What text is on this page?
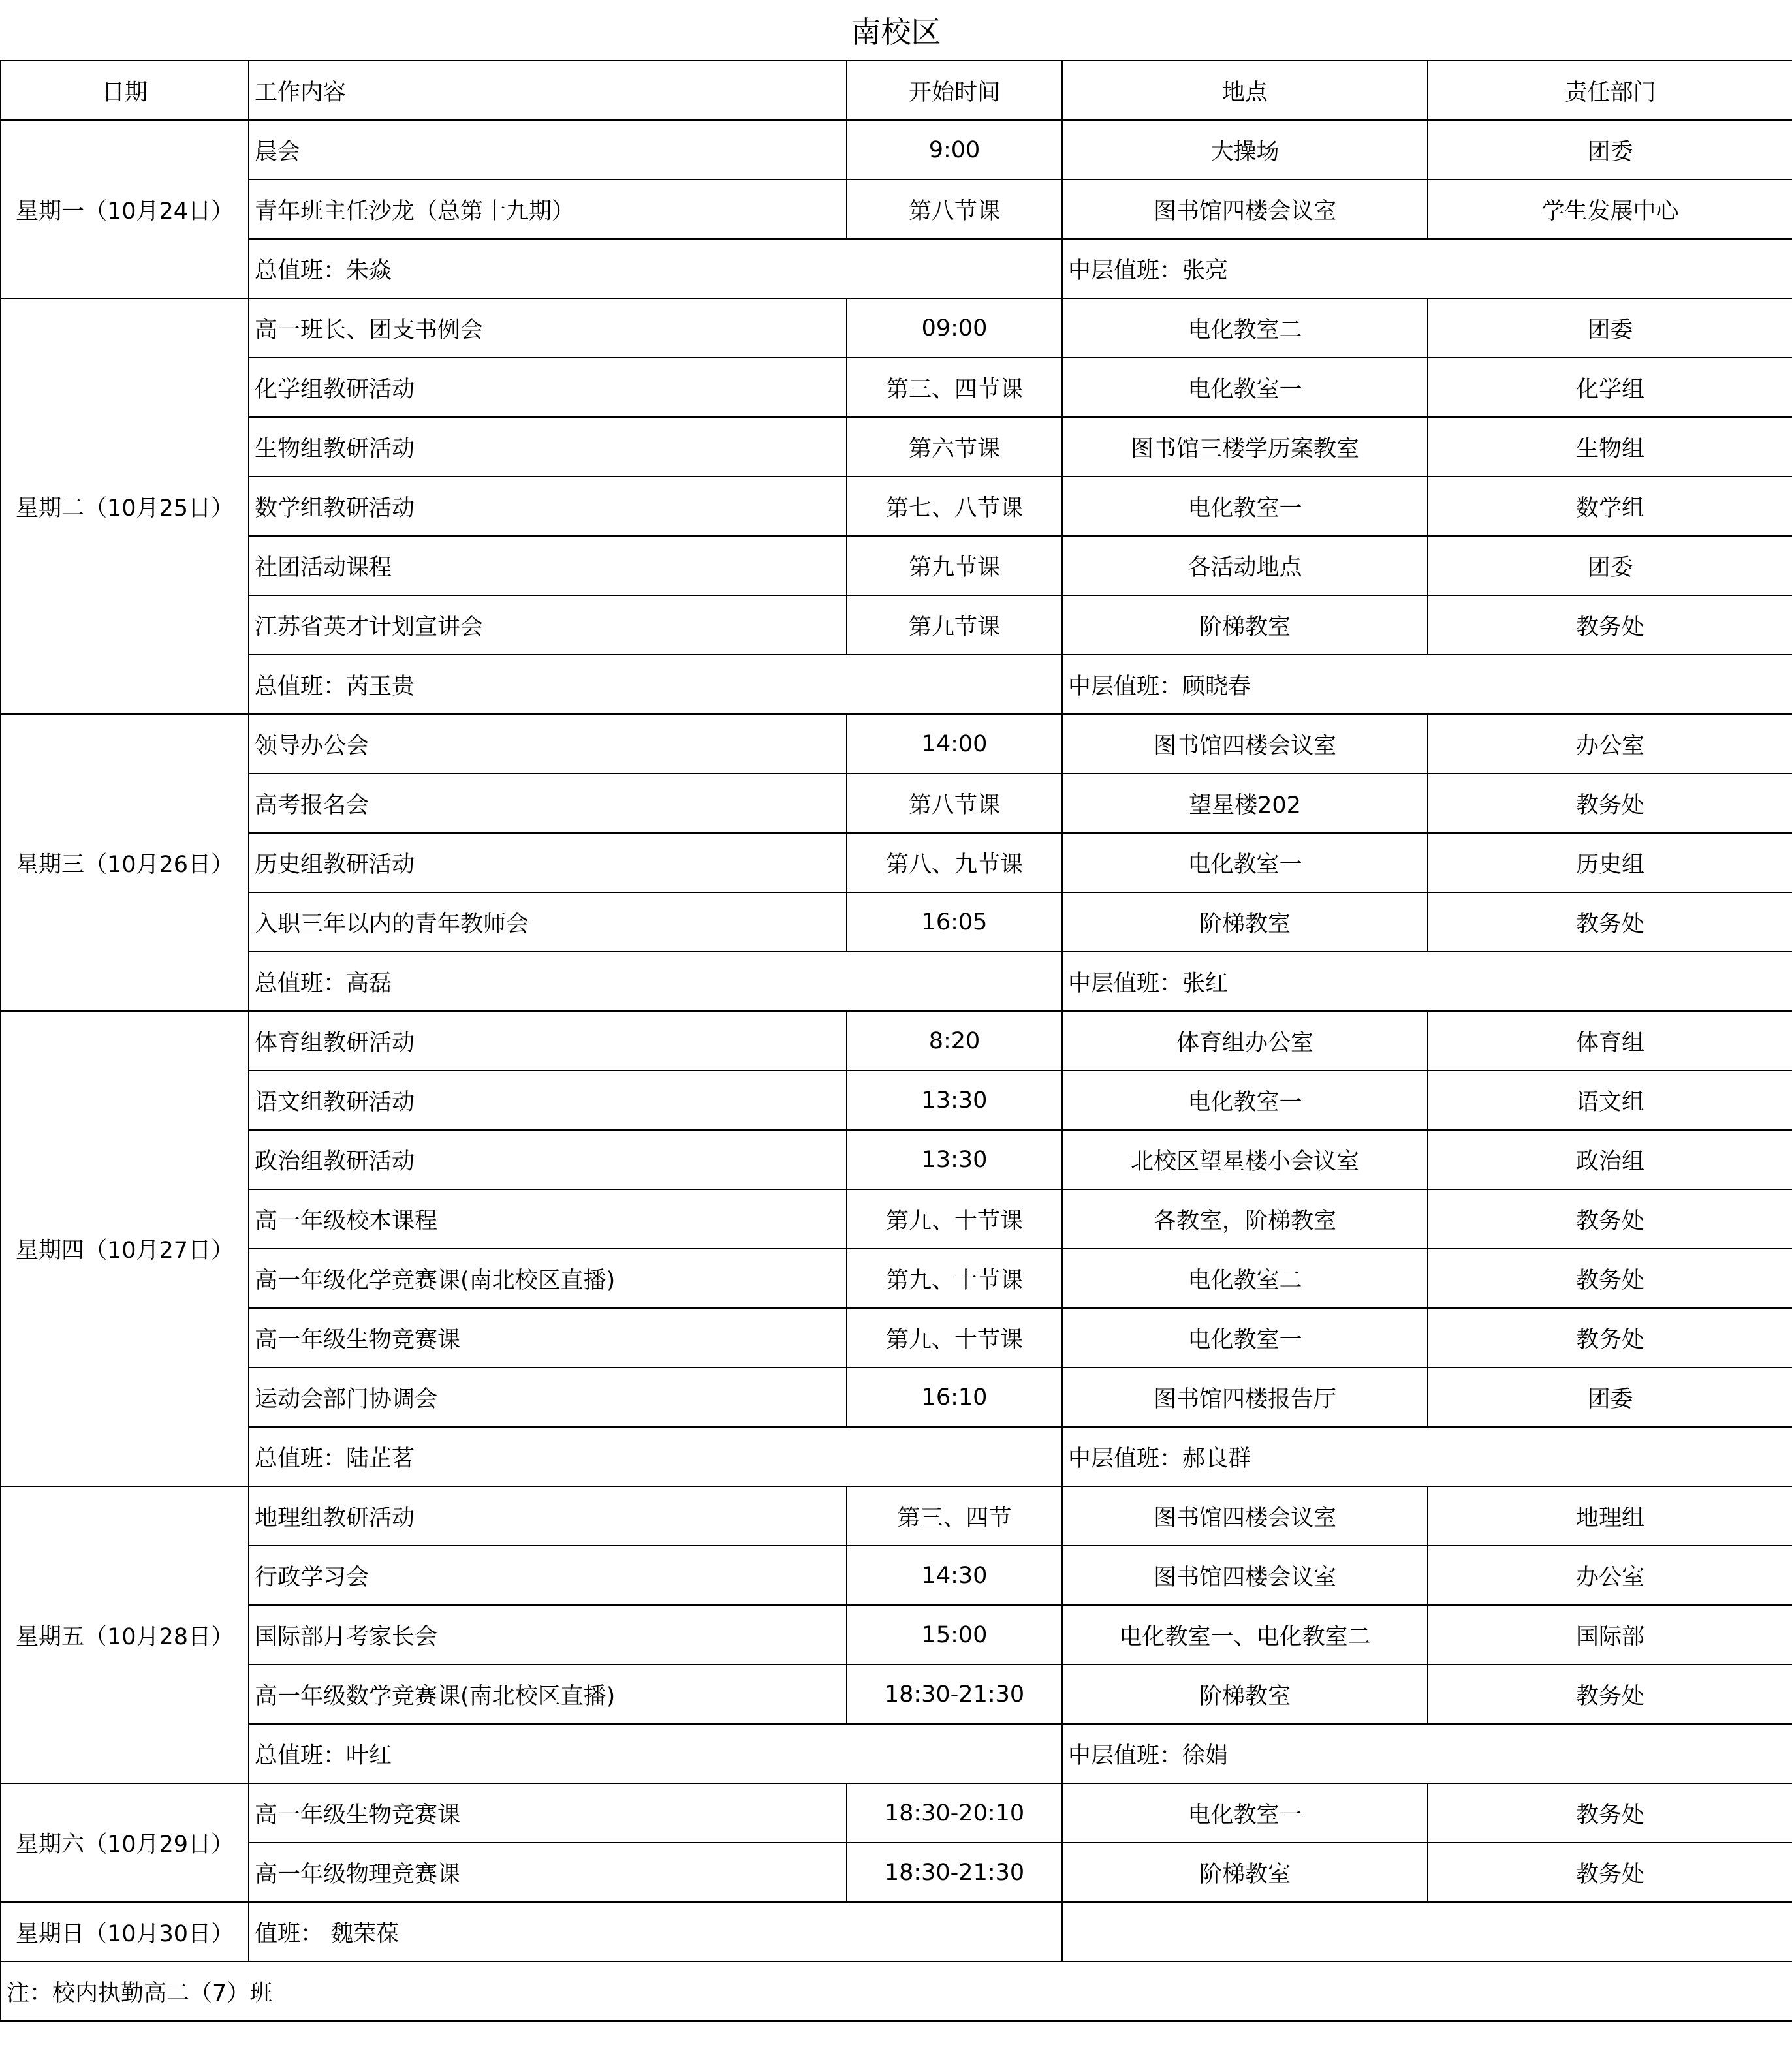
南校区
日期	工作内容	开始时间	地点	责任部门
星期一（10月24日）	晨会	9:00	大操场	团委
	青年班主任沙龙（总第十九期）	第八节课	图书馆四楼会议室	学生发展中心
	总值班：朱焱		中层值班：张亮	
星期二（10月25日）	高一班长、团支书例会	09:00	电化教室二	团委
	化学组教研活动	第三、四节课	电化教室一	化学组
	生物组教研活动	第六节课	图书馆三楼学历案教室	生物组
	数学组教研活动	第七、八节课	电化教室一	数学组
	社团活动课程	第九节课	各活动地点	团委
	江苏省英才计划宣讲会	第九节课	阶梯教室	教务处
	总值班：芮玉贵		中层值班：顾晓春	
星期三（10月26日）	领导办公会	14:00	图书馆四楼会议室	办公室
	高考报名会	第八节课	望星楼202	教务处
	历史组教研活动	第八、九节课	电化教室一	历史组
	入职三年以内的青年教师会	16:05	阶梯教室	教务处
	总值班：高磊		中层值班：张红	
星期四（10月27日）	体育组教研活动	8:20	体育组办公室	体育组
	语文组教研活动	13:30	电化教室一	语文组
	政治组教研活动	13:30	北校区望星楼小会议室	政治组
	高一年级校本课程	第九、十节课	各教室，阶梯教室	教务处
	高一年级化学竞赛课(南北校区直播)	第九、十节课	电化教室二	教务处
	高一年级生物竞赛课	第九、十节课	电化教室一	教务处
	运动会部门协调会	16:10	图书馆四楼报告厅	团委
	总值班：陆芷茗		中层值班：郝良群	
星期五（10月28日）	地理组教研活动	第三、四节	图书馆四楼会议室	地理组
	行政学习会	14:30	图书馆四楼会议室	办公室
	国际部月考家长会	15:00	电化教室一、电化教室二	国际部
	高一年级数学竞赛课(南北校区直播)	18:30-21:30	阶梯教室	教务处
	总值班：叶红		中层值班：徐娟	
星期六（10月29日）	高一年级生物竞赛课	18:30-20:10	电化教室一	教务处
	高一年级物理竞赛课	18:30-21:30	阶梯教室	教务处
星期日（10月30日）	值班： 魏荣葆			
注：校内执勤高二（7）班				
